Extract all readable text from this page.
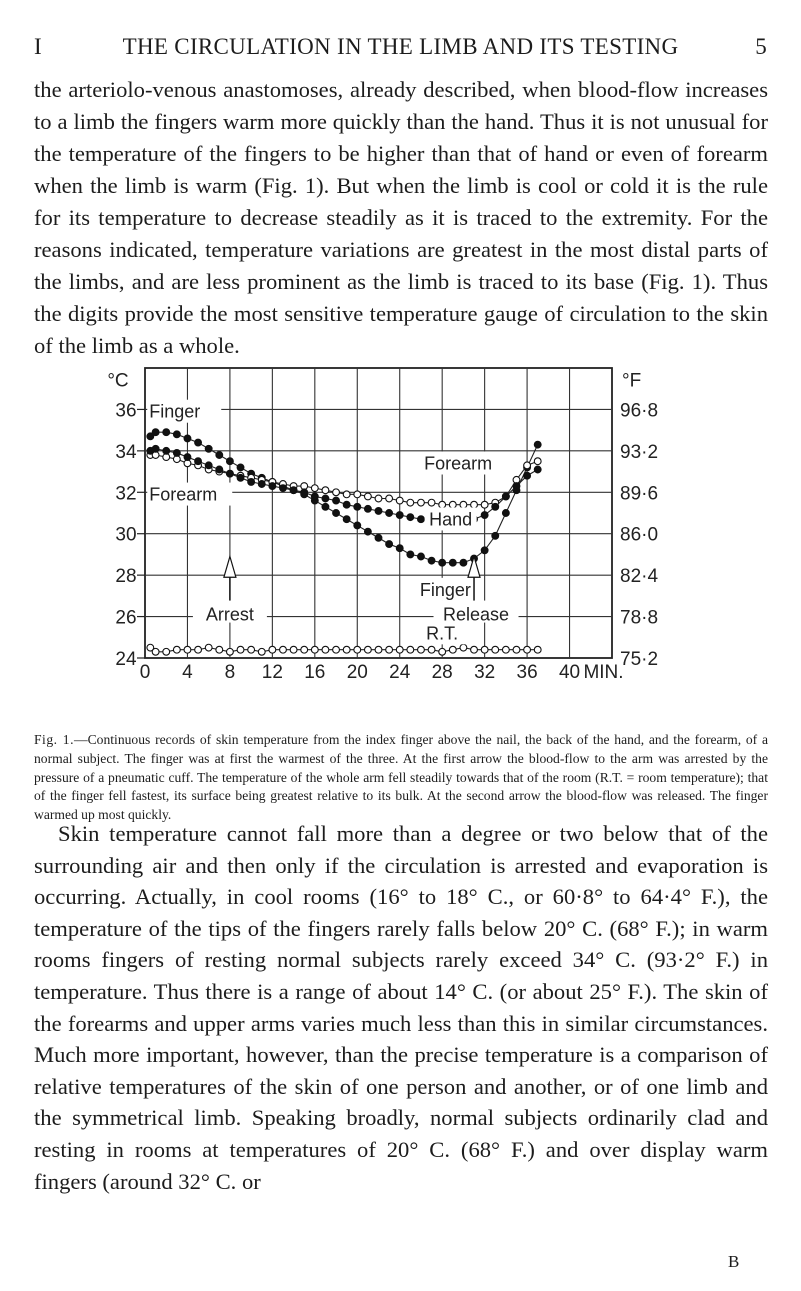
I	THE CIRCULATION IN THE LIMB AND ITS TESTING	5

the arteriolo-venous anastomoses, already described, when blood-flow increases to a limb the fingers warm more quickly than the hand. Thus it is not unusual for the temperature of the fingers to be higher than that of hand or even of forearm when the limb is warm (Fig. 1). But when the limb is cool or cold it is the rule for its temperature to decrease steadily as it is traced to the extremity. For the reasons indicated, temperature variations are greatest in the most distal parts of the limbs, and are less prominent as the limb is traced to its base (Fig. 1). Thus the digits provide the most sensitive temperature gauge of circulation to the skin of the limb as a whole.

°C
24
26
28
30
32
34
36
°F
75·2
78·8
82·4
86·0
89·6
93·2
96·8
0 4 8 12 16 20 24 28 32 36 40 MIN.
Finger
Forearm
Forearm
Hand
Finger
R.T.
Arrest	Release

Fig. 1.—Continuous records of skin temperature from the index finger above the nail, the back of the hand, and the forearm, of a normal subject. The finger was at first the warmest of the three. At the first arrow the blood-flow to the arm was arrested by the pressure of a pneumatic cuff. The temperature of the whole arm fell steadily towards that of the room (R.T. = room temperature); that of the finger fell fastest, its surface being greatest relative to its bulk. At the second arrow the blood-flow was released. The finger warmed up most quickly.

Skin temperature cannot fall more than a degree or two below that of the surrounding air and then only if the circulation is arrested and evaporation is occurring. Actually, in cool rooms (16° to 18° C., or 60·8° to 64·4° F.), the temperature of the tips of the fingers rarely falls below 20° C. (68° F.); in warm rooms fingers of resting normal subjects rarely exceed 34° C. (93·2° F.) in temperature. Thus there is a range of about 14° C. (or about 25° F.). The skin of the forearms and upper arms varies much less than this in similar circumstances. Much more important, however, than the precise temperature is a comparison of relative temperatures of the skin of one person and another, or of one limb and the symmetrical limb. Speaking broadly, normal subjects ordinarily clad and resting in rooms at temperatures of 20° C. (68° F.) and over display warm fingers (around 32° C. or

B
